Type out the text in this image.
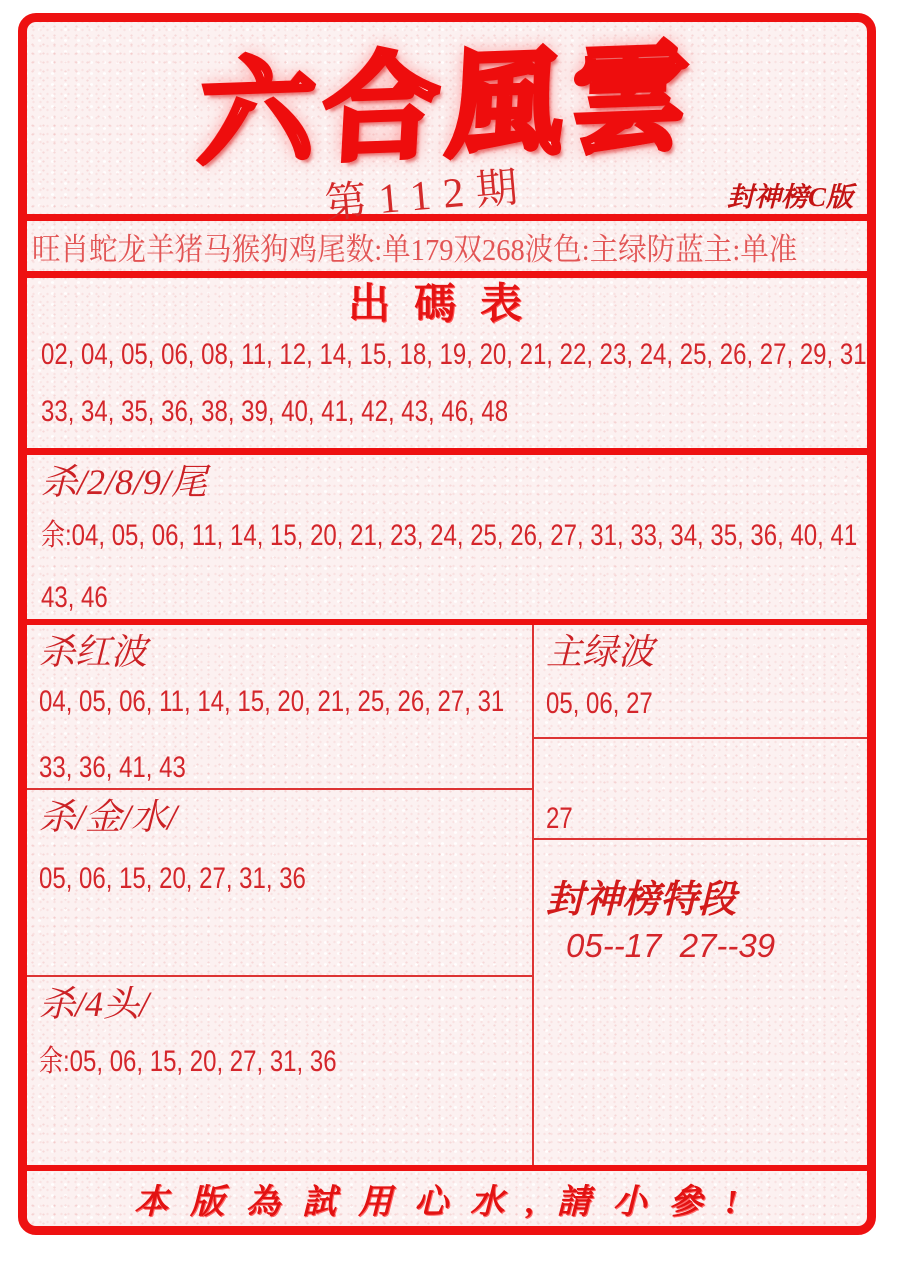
六合風雲
第112期	封神榜C版
旺肖蛇龙羊猪马猴狗鸡尾数:单179双268波色:主绿防蓝主:单准
出碼表
02, 04, 05, 06, 08, 11, 12, 14, 15, 18, 19, 20, 21, 22, 23, 24, 25, 26, 27, 29, 31
33, 34, 35, 36, 38, 39, 40, 41, 42, 43, 46, 48
杀/2/8/9/尾
余:04, 05, 06, 11, 14, 15, 20, 21, 23, 24, 25, 26, 27, 31, 33, 34, 35, 36, 40, 41
43, 46
杀红波
04, 05, 06, 11, 14, 15, 20, 21, 25, 26, 27, 31
33, 36, 41, 43
杀/金/水/
05, 06, 15, 20, 27, 31, 36
杀/4头/
余:05, 06, 15, 20, 27, 31, 36
主绿波
05, 06, 27
27
封神榜特段
05--17  27--39
本版為試用心水,請小參!
